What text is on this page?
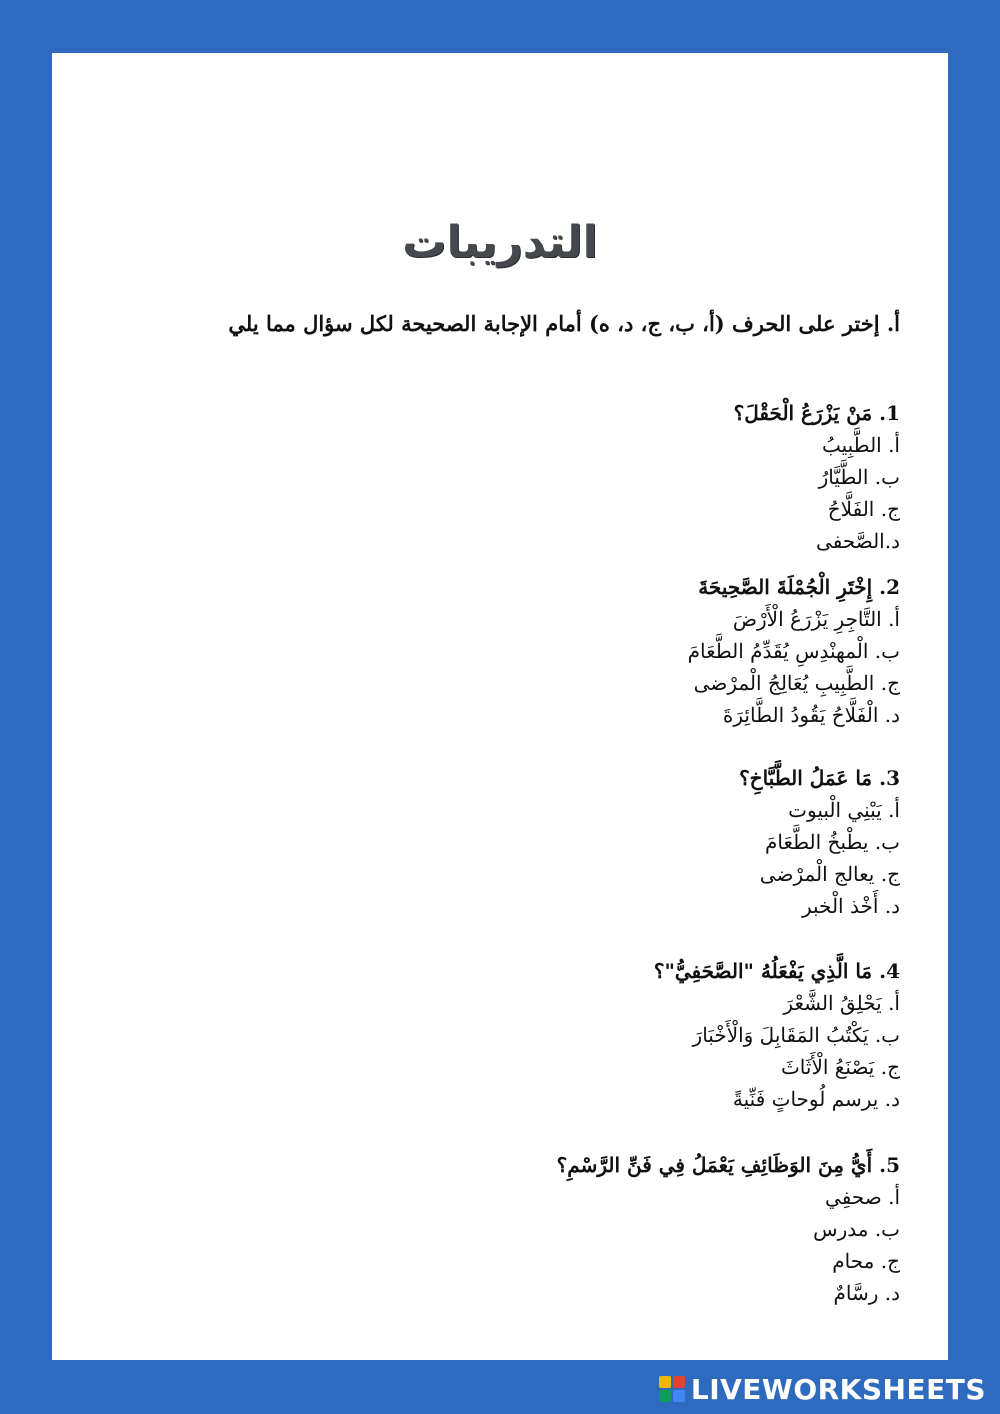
التدريبات
أ. إختر على الحرف (أ، ب، ج، د، ه) أمام الإجابة الصحيحة لكل سؤال مما يلي
1. مَنْ يَزْرَعُ الْحَقْلَ؟
أ. الطَّبِيبُ
ب. الطَّيَّارُ
ج. الفَلَّاحُ
د.الصَّحفى
2. إِخْتَرِ الْجُمْلَةَ الصَّحِيحَةَ
أ. التَّاجِرِ يَزْرَعُ الْأَرْضَ
ب. الْمهنْدِسِ يُقَدِّمُ الطَّعَامَ
ج. الطَّبِيبِ يُعَالِجُ الْمرْضى
د. الْفَلَّاحُ يَقُودُ الطَّائِرَةَ
3. مَا عَمَلُ الطَّبَّاخِ؟
أ. يَبْنِي الْبيوت
ب. يطْبخُ الطَّعَامَ
ج. يعالج الْمرْضى
د. أَخْذ الْخبر
4. مَا الَّذِي يَفْعَلُهُ "الصَّحَفِيُّ"؟
أ. يَحْلِقُ الشَّعْرَ
ب. يَكْتُبُ المَقَابِلَ وَالْأَخْبَارَ
ج. يَصْنَعُ الْأَثَاثَ
د. يرسم لُوحاتٍ فَنِّيةً
5. أَيُّ مِنَ الوَظَائِفِ يَعْمَلُ فِي فَنِّ الرَّسْمِ؟
أ. صحفِي
ب. مدرس
ج. محام
د. رسَّامٌ
LIVEWORKSHEETS
